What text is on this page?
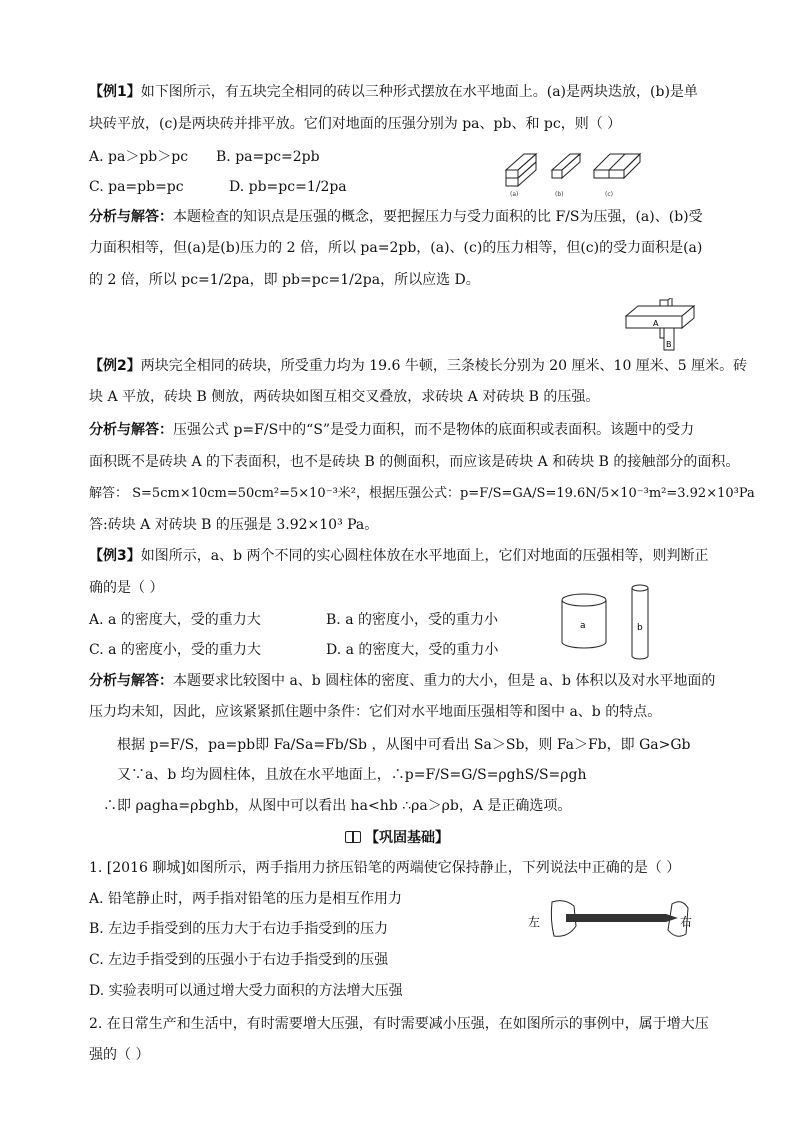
【例1】如下图所示，有五块完全相同的砖以三种形式摆放在水平地面上。(a)是两块迭放，(b)是单
块砖平放，(c)是两块砖并排平放。它们对地面的压强分别为 pa、pb、和 pc，则（ ）
A. pa＞pb＞pc B. pa=pc=2pb
C. pa=pb=pc	D. pb=pc=1/2pa	(a)	(b)	(c)
分析与解答：本题检查的知识点是压强的概念，要把握压力与受力面积的比 F/S为压强，(a)、(b)受
力面积相等，但(a)是(b)压力的 2 倍，所以 pa=2pb，(a)、(c)的压力相等，但(c)的受力面积是(a)
的 2 倍，所以 pc=1/2pa，即 pb=pc=1/2pa，所以应选 D。
A
B
【例2】两块完全相同的砖块，所受重力均为 19.6 牛顿，三条棱长分别为 20 厘米、10 厘米、5 厘米。砖
块 A 平放，砖块 B 侧放，两砖块如图互相交叉叠放，求砖块 A 对砖块 B 的压强。
分析与解答：压强公式 p=F/S中的“S”是受力面积，而不是物体的底面积或表面积。该题中的受力
面积既不是砖块 A 的下表面积，也不是砖块 B 的侧面积，而应该是砖块 A 和砖块 B 的接触部分的面积。
解答： S=5cm×10cm=50cm²=5×10⁻³米²，根据压强公式：p=F/S=GA/S=19.6N/5×10⁻³m²=3.92×10³Pa
答:砖块 A 对砖块 B 的压强是 3.92×10³ Pa。
【例3】如图所示，a、b 两个不同的实心圆柱体放在水平地面上，它们对地面的压强相等，则判断正
确的是（ ）
A. a 的密度大，受的重力大	B. a 的密度小，受的重力小
C. a 的密度小，受的重力大	D. a 的密度大，受的重力小
a	b
分析与解答：本题要求比较图中 a、b 圆柱体的密度、重力的大小，但是 a、b 体积以及对水平地面的
压力均未知，因此，应该紧紧抓住题中条件：它们对水平地面压强相等和图中 a、b 的特点。
根据 p=F/S，pa=pb即 Fa/Sa=Fb/Sb ，从图中可看出 Sa＞Sb，则 Fa＞Fb，即 Ga>Gb
又∵a、b 均为圆柱体，且放在水平地面上，∴p=F/S=G/S=ρghS/S=ρgh
∴即 ρagha=ρbghb，从图中可以看出 ha<hb ∴ρa＞ρb，A 是正确选项。
【巩固基础】
1. [2016 聊城]如图所示，两手指用力挤压铅笔的两端使它保持静止，下列说法中正确的是（ ）
A. 铅笔静止时，两手指对铅笔的压力是相互作用力
B. 左边手指受到的压力大于右边手指受到的压力
C. 左边手指受到的压强小于右边手指受到的压强
D. 实验表明可以通过增大受力面积的方法增大压强
左	右
2. 在日常生产和生活中，有时需要增大压强，有时需要减小压强，在如图所示的事例中，属于增大压
强的（ ）
